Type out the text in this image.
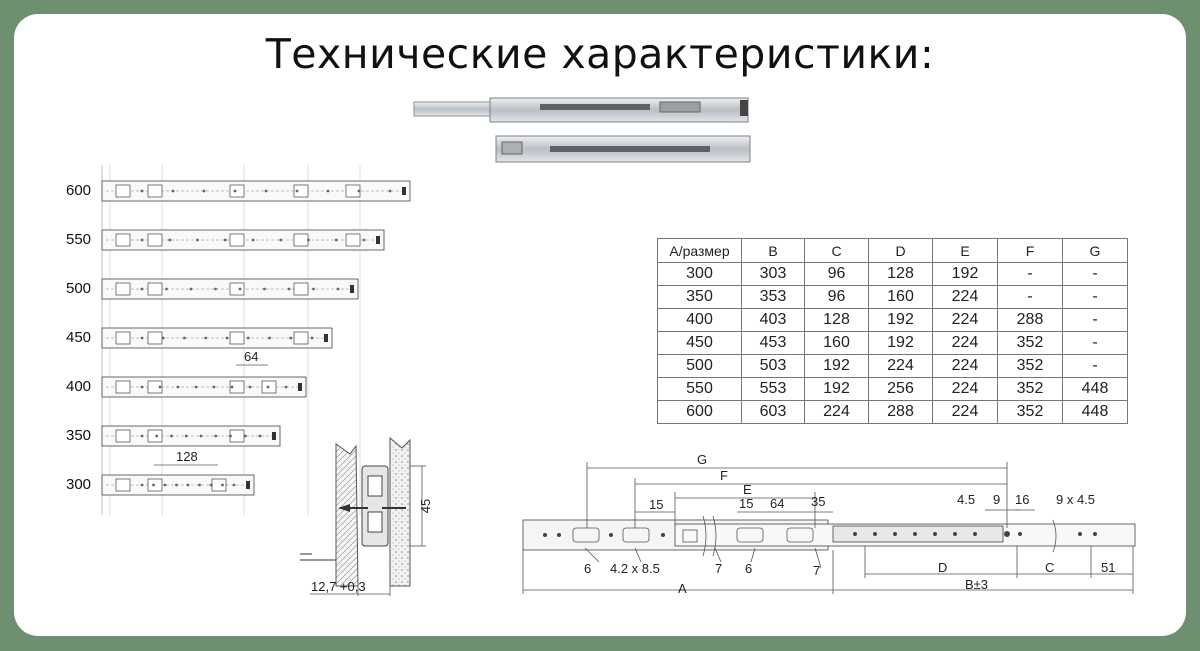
Технические характеристики:
600
550
500
450
400
350
300
64
128
45
12,7 +0,3
A/размер	B	C	D	E	F	G
300	303	96	128	192	-	-
350	353	96	160	224	-	-
400	403	128	192	224	288	-
450	453	160	192	224	352	-
500	503	192	224	224	352	-
550	553	192	256	224	352	448
600	603	224	288	224	352	448
G
F
E
15	15 64 35	4.5 9 16 9 x 4.5
6 4.2 x 8.5	7 6	7
A
D
B±3
C	51
